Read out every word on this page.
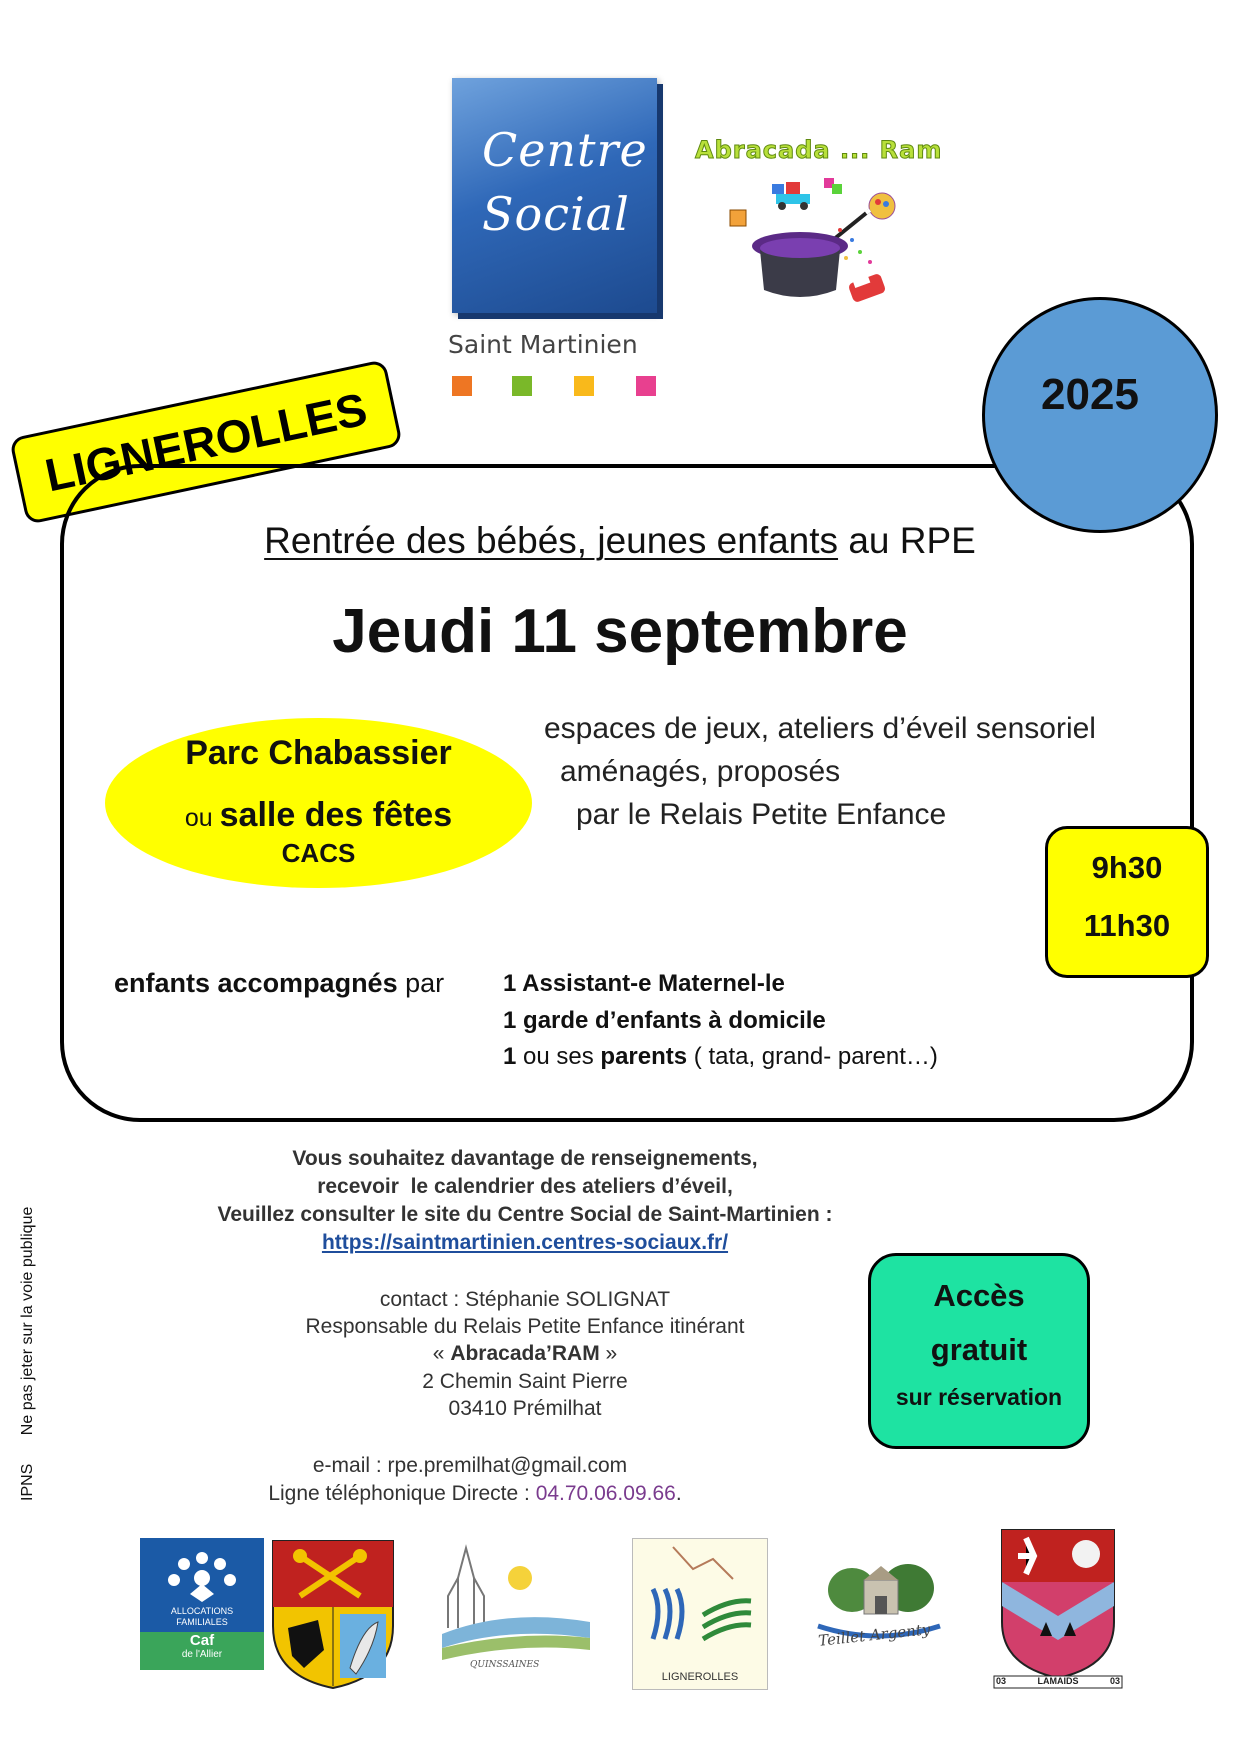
Centre Social
Saint Martinien
Abracada ... Ram
LIGNEROLLES	2025
Rentrée des bébés, jeunes enfants au RPE
Jeudi 11 septembre
Parc Chabassier
ou salle des fêtes
CACS
espaces de jeux, ateliers d’éveil sensoriel
aménagés, proposés
par le Relais Petite Enfance
9h30
11h30
enfants accompagnés par 1 Assistant-e Maternel-le
1 garde d’enfants à domicile
1 ou ses parents ( tata, grand- parent…)
Vous souhaitez davantage de renseignements,
recevoir  le calendrier des ateliers d’éveil,
Veuillez consulter le site du Centre Social de Saint-Martinien :
https://saintmartinien.centres-sociaux.fr/
contact : Stéphanie SOLIGNAT
Responsable du Relais Petite Enfance itinérant
« Abracada’RAM »
2 Chemin Saint Pierre
03410 Prémilhat
e-mail : rpe.premilhat@gmail.com
Ligne téléphonique Directe : 04.70.06.09.66.
IPNS Ne pas jeter sur la voie publique	Accès
gratuit
sur réservation
ALLOCATIONS
FAMILIALES
Caf
de l'Allier
QUINSSAINES
LIGNEROLLES
Teillet Argenty
03	LAMAIDS	03
